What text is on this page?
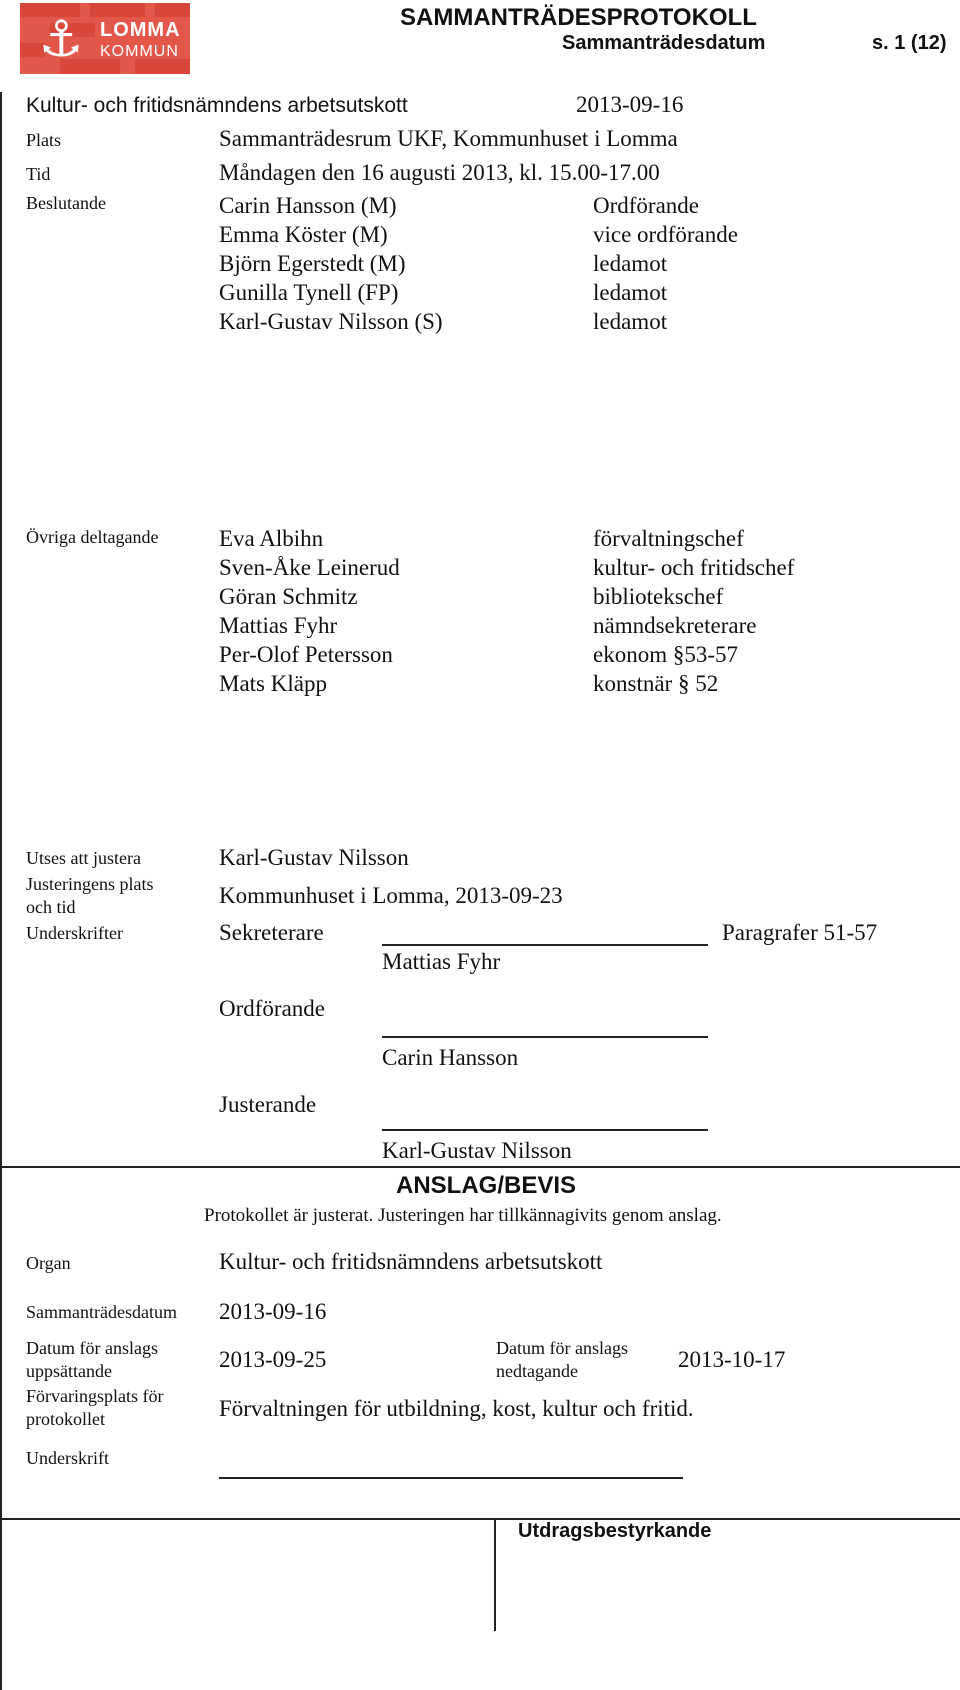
⚓ LOMMA
KOMMUN
SAMMANTRÄDESPROTOKOLL
Sammanträdesdatum	s. 1 (12)
Kultur- och fritidsnämndens arbetsutskott	2013-09-16
Plats	Sammanträdesrum UKF, Kommunhuset i Lomma
Tid	Måndagen den 16 augusti 2013, kl. 15.00-17.00
Beslutande	Carin Hansson (M)	Ordförande
Emma Köster (M)	vice ordförande
Björn Egerstedt (M)	ledamot
Gunilla Tynell (FP)	ledamot
Karl-Gustav Nilsson (S)	ledamot
Övriga deltagande	Eva Albihn	förvaltningschef
Sven-Åke Leinerud	kultur- och fritidschef
Göran Schmitz	bibliotekschef
Mattias Fyhr	nämndsekreterare
Per-Olof Petersson	ekonom §53-57
Mats Kläpp	konstnär § 52
Utses att justera	Karl-Gustav Nilsson
Justeringens plats
och tid	Kommunhuset i Lomma, 2013-09-23
Underskrifter	Sekreterare	Paragrafer 51-57
Mattias Fyhr
Ordförande
Carin Hansson
Justerande
Karl-Gustav Nilsson
ANSLAG/BEVIS
Protokollet är justerat. Justeringen har tillkännagivits genom anslag.
Organ	Kultur- och fritidsnämndens arbetsutskott
Sammanträdesdatum 2013-09-16
Datum för anslags
uppsättande	2013-09-25	Datum för anslags
nedtagande	2013-10-17
Förvaringsplats för
protokollet	Förvaltningen för utbildning, kost, kultur och fritid.
Underskrift
Utdragsbestyrkande
